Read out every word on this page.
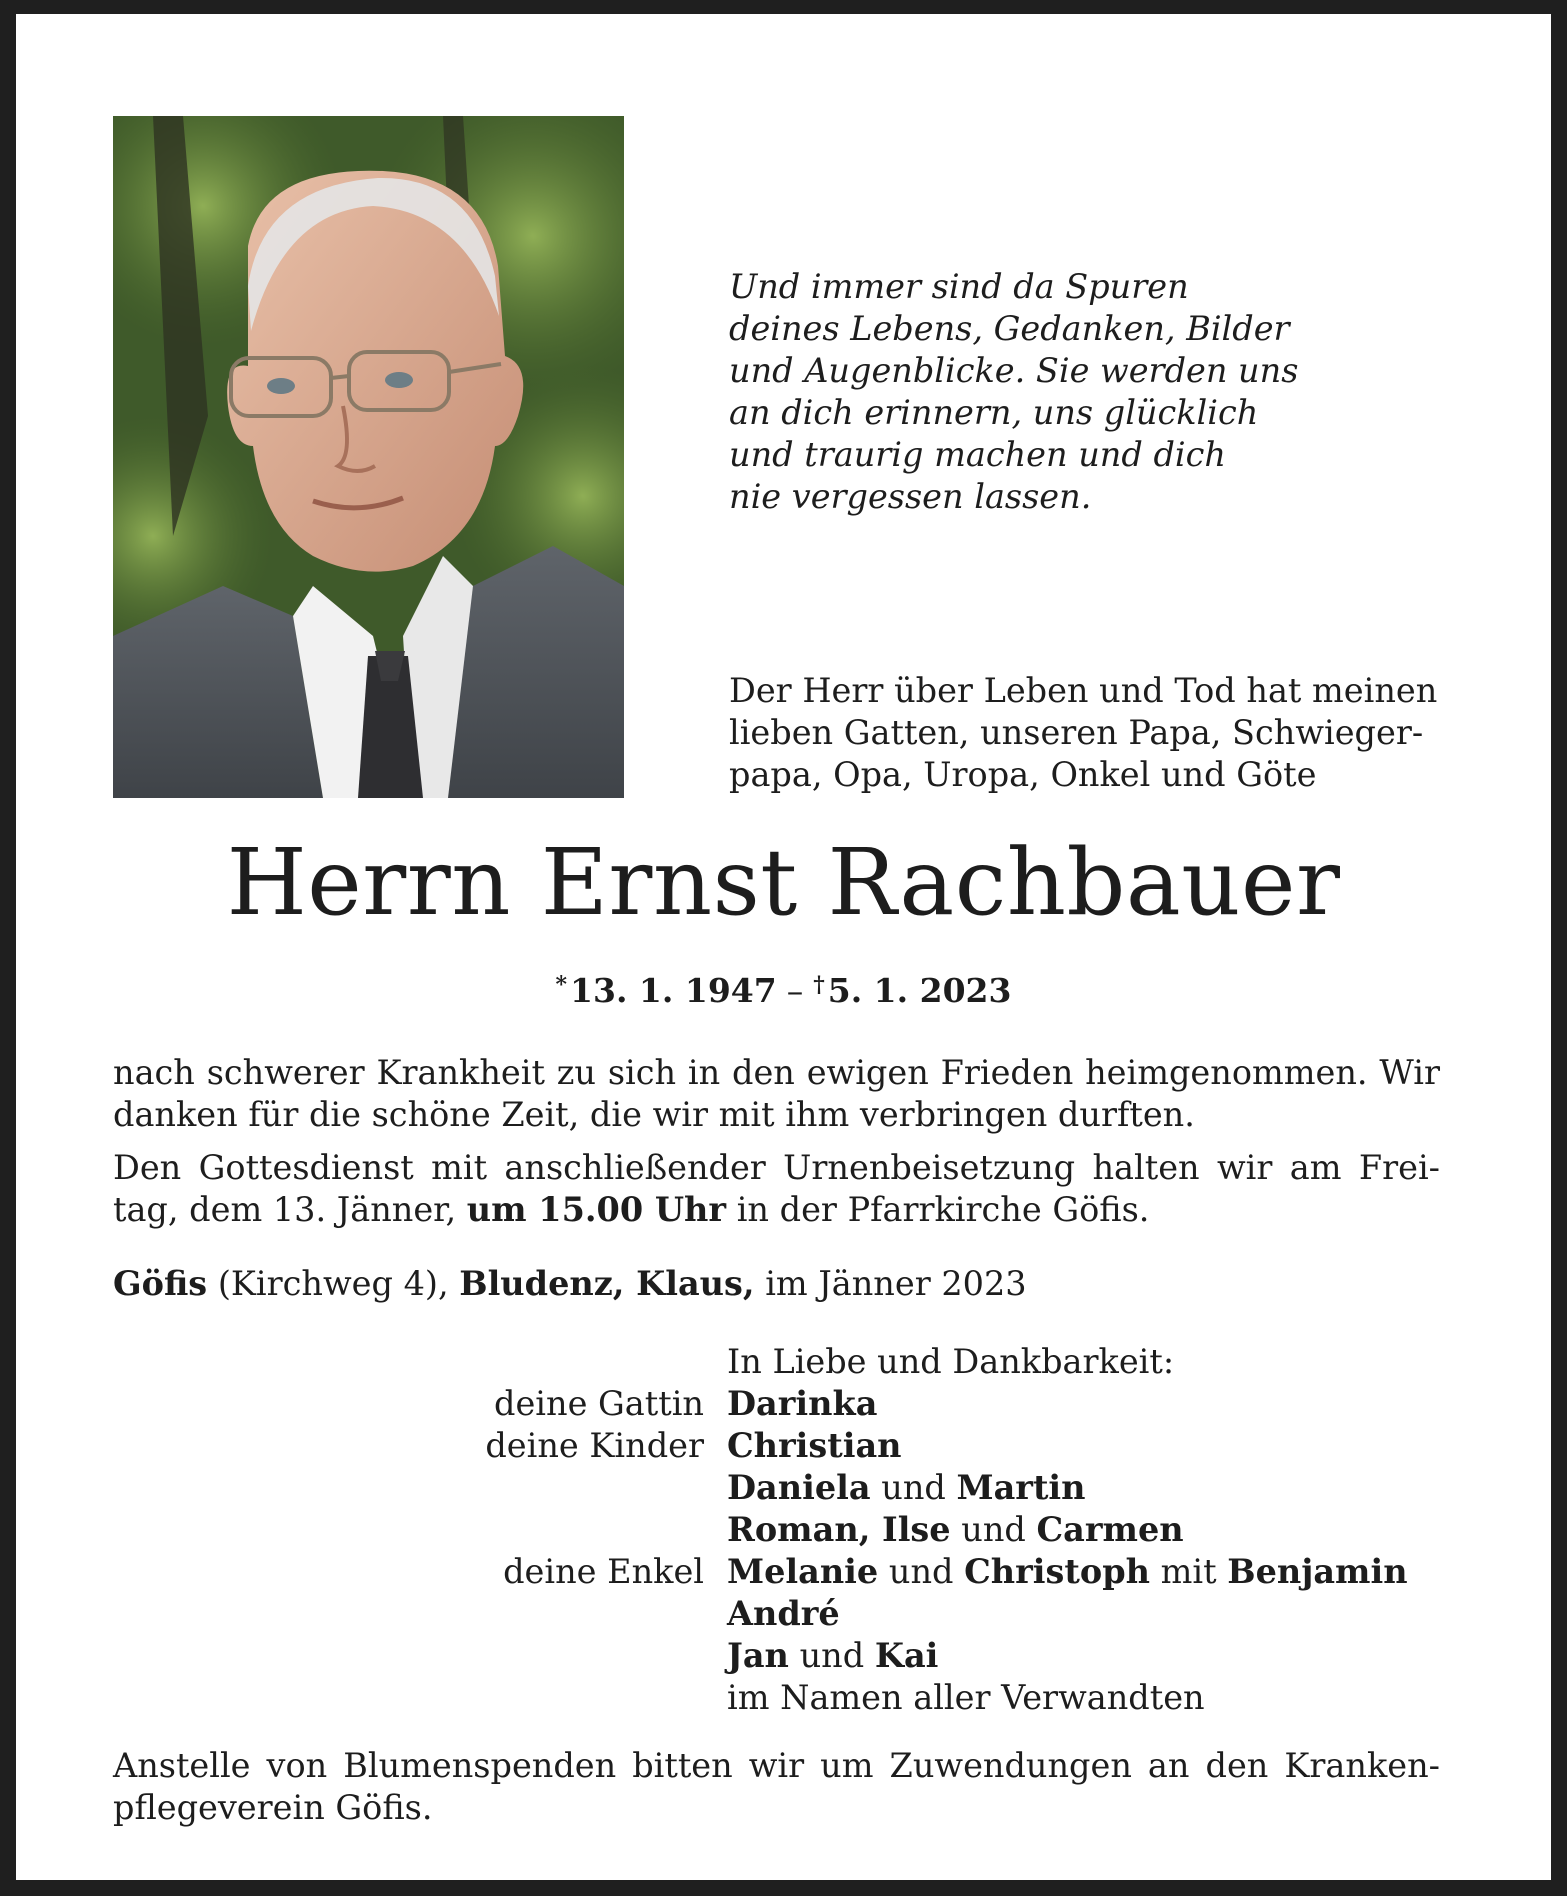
Und immer sind da Spuren
deines Lebens, Gedanken, Bilder
und Augenblicke. Sie werden uns
an dich erinnern, uns glücklich
und traurig machen und dich
nie vergessen lassen.
Der Herr über Leben und Tod hat meinen
lieben Gatten, unseren Papa, Schwieger-
papa, Opa, Uropa, Onkel und Göte
Herrn Ernst Rachbauer
*13. 1. 1947 – †5. 1. 2023
nach schwerer Krankheit zu sich in den ewigen Frieden heimgenommen. Wir danken für die schöne Zeit, die wir mit ihm verbringen durften.
Den Gottesdienst mit anschließender Urnenbeisetzung halten wir am Frei-tag, dem 13. Jänner, um 15.00 Uhr in der Pfarrkirche Göfis.
Göfis (Kirchweg 4), Bludenz, Klaus, im Jänner 2023
In Liebe und Dankbarkeit:
deine Gattin Darinka
deine Kinder Christian
Daniela und Martin
Roman, Ilse und Carmen
deine Enkel Melanie und Christoph mit Benjamin
André
Jan und Kai
im Namen aller Verwandten
Anstelle von Blumenspenden bitten wir um Zuwendungen an den Kranken-pflegeverein Göfis.
